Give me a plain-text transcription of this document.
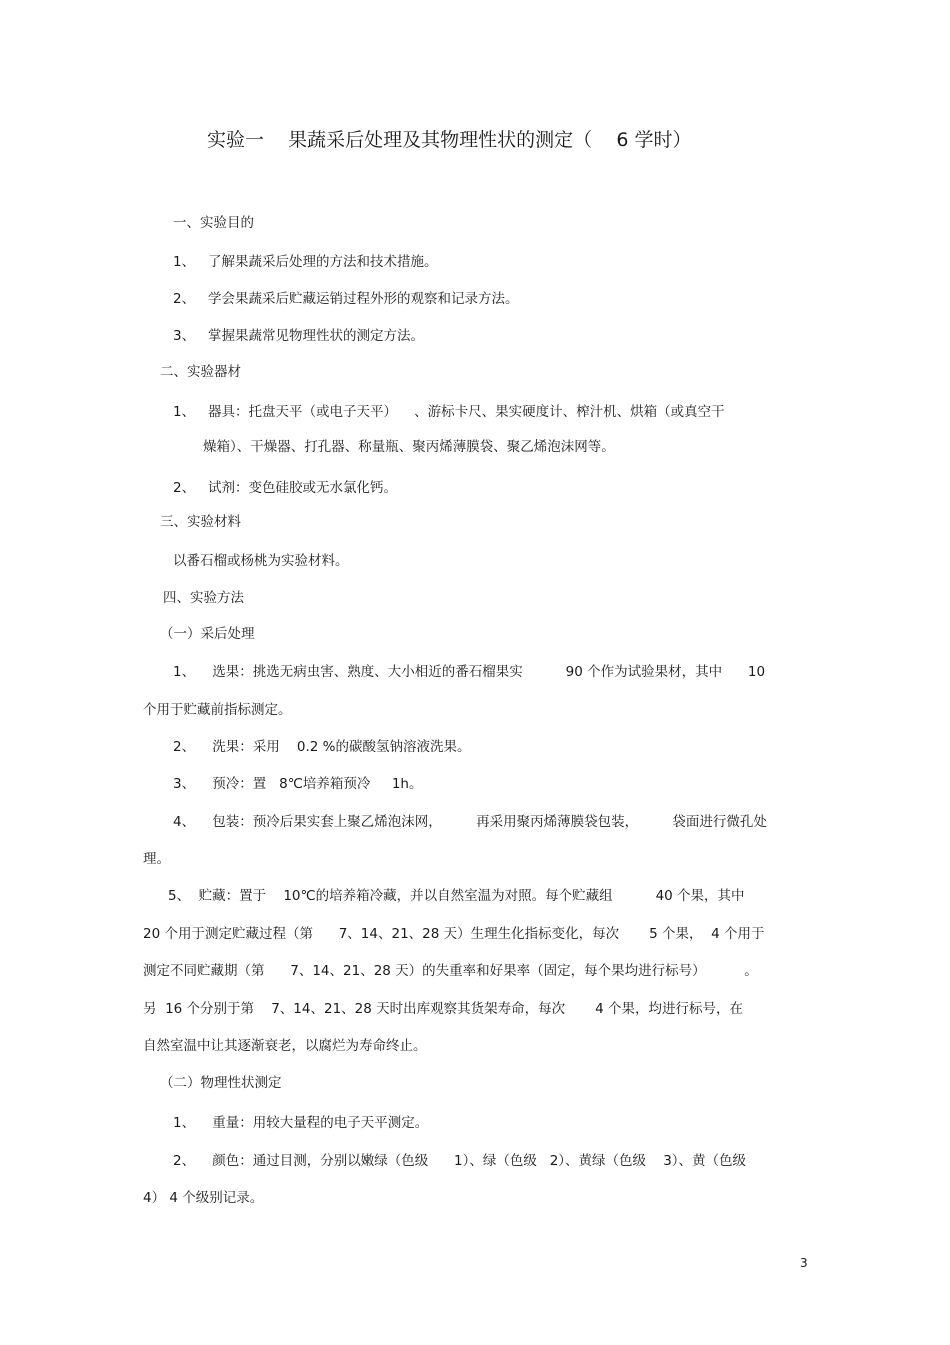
实验一    果蔬采后处理及其物理性状的测定（    6 学时）
一、实验目的
1、   了解果蔬采后处理的方法和技术措施。
2、   学会果蔬采后贮藏运销过程外形的观察和记录方法。
3、   掌握果蔬常见物理性状的测定方法。
二、实验器材
1、   器具：托盘天平（或电子天平）    、游标卡尺、果实硬度计、榨汁机、烘箱（或真空干
燥箱）、干燥器、打孔器、称量瓶、聚丙烯薄膜袋、聚乙烯泡沫网等。
2、   试剂：变色硅胶或无水氯化钙。
三、实验材料
以番石榴或杨桃为实验材料。
四、实验方法
（一）采后处理
1、    选果：挑选无病虫害、熟度、大小相近的番石榴果实          90 个作为试验果材，其中      10
个用于贮藏前指标测定。
2、    洗果：采用    0.2 %的碳酸氢钠溶液洗果。
3、    预冷：置   8℃培养箱预冷     1h。
4、    包装：预冷后果实套上聚乙烯泡沫网，        再采用聚丙烯薄膜袋包装，        袋面进行微孔处
理。
5、  贮藏：置于    10℃的培养箱冷藏，并以自然室温为对照。每个贮藏组          40 个果，其中
20 个用于测定贮藏过程（第      7、14、21、28 天）生理生化指标变化，每次       5 个果，  4 个用于
测定不同贮藏期（第      7、14、21、28 天）的失重率和好果率（固定，每个果均进行标号）         。
另  16 个分别于第    7、14、21、28 天时出库观察其货架寿命，每次       4 个果，均进行标号，在
自然室温中让其逐渐衰老，以腐烂为寿命终止。
（二）物理性状测定
1、    重量：用较大量程的电子天平测定。
2、    颜色：通过目测，分别以嫩绿（色级      1）、绿（色级   2）、黄绿（色级    3）、黄（色级
4） 4 个级别记录。
3
